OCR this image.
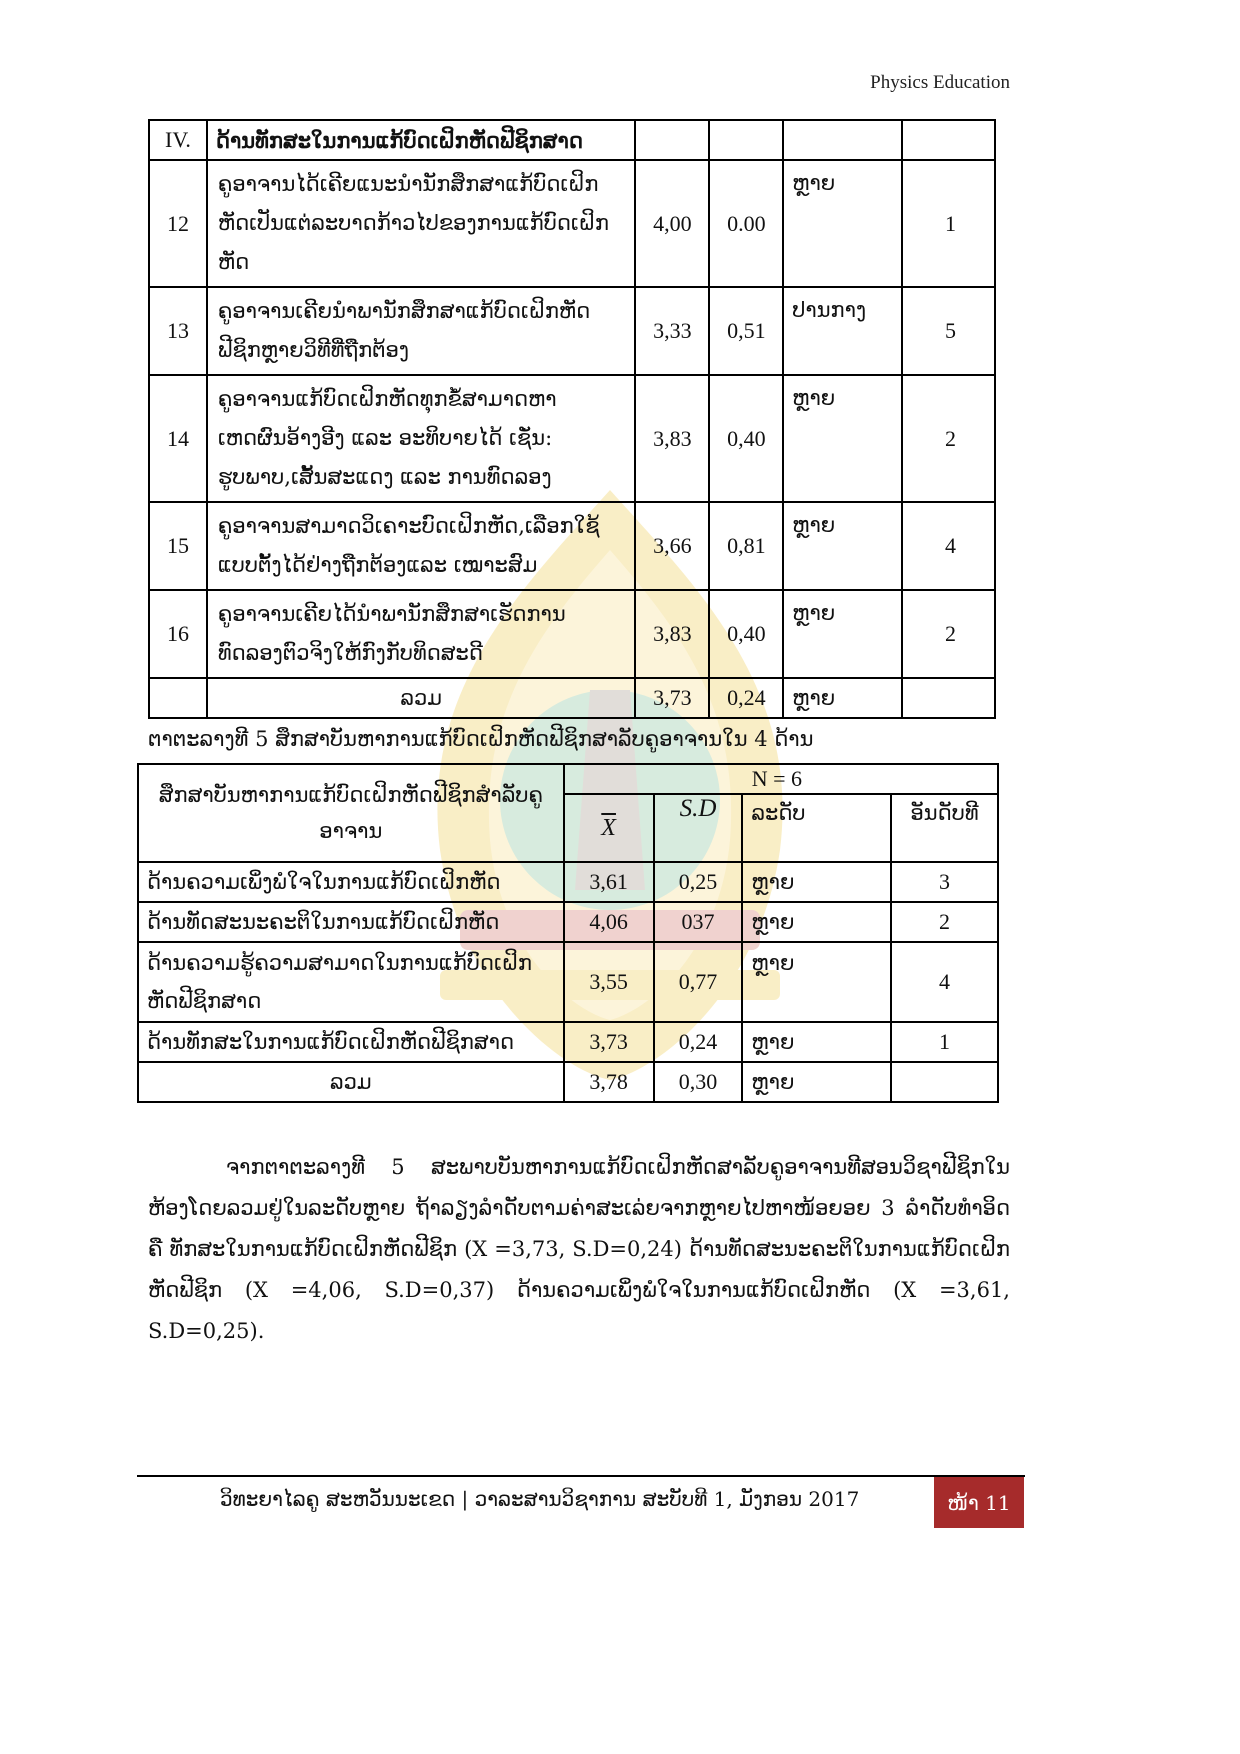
Physics Education
IV.	ດ້ານທັກສະໃນການແກ້ບົດເຝິກຫັດຟີຊິກສາດ				
12	ຄູອາຈານໄດ້ເຄີຍແນະນຳນັກສຶກສາແກ້ບົດເຝິກຫັດເປັນແຕ່ລະບາດກ້າວໄປຂອງການແກ້ບົດເຝິກຫັດ	4,00	0.00	ຫຼາຍ	1
13	ຄູອາຈານເຄີຍນຳພານັກສຶກສາແກ້ບົດເຝິກຫັດຟີຊິກຫຼາຍວິທີທີ່ຖືກຕ້ອງ	3,33	0,51	ປານກາງ	5
14	ຄູອາຈານແກ້ບົດເຝິກຫັດທຸກຂໍ້ສາມາດຫາເຫດຜົນອ້າງອີງ ແລະ ອະທິບາຍໄດ້ ເຊັ່ນ: ຮູບພາບ,ເສັ້ນສະແດງ ແລະ ການທົດລອງ	3,83	0,40	ຫຼາຍ	2
15	ຄູອາຈານສາມາດວິເຄາະບົດເຝິກຫັດ,ເລືອກໃຊ້ແບບຕັ້ງໄດ້ຢ່າງຖືກຕ້ອງແລະ ເໝາະສົມ	3,66	0,81	ຫຼາຍ	4
16	ຄູອາຈານເຄີຍໄດ້ນຳພານັກສຶກສາເຮັດການທົດລອງຕົວຈິງໃຫ້ກົງກັບທິດສະດີ	3,83	0,40	ຫຼາຍ	2
	ລວມ	3,73	0,24	ຫຼາຍ	
ຕາຕະລາງທີ 5 ສຶກສາບັນຫາການແກ້ບົດເຝິກຫັດຟີຊິກສາລັບຄູອາຈານໃນ 4 ດ້ານ
ສຶກສາບັນຫາການແກ້ບົດເຝິກຫັດຟີຊິກສຳລັບຄູອາຈານ	N = 6			
	$\overline{X}$	S.D	ລະດັບ	ອັນດັບທີ
ດ້ານຄວາມເພິ່ງພໍໃຈໃນການແກ້ບົດເຝິກຫັດ	3,61	0,25	ຫຼາຍ	3
ດ້ານທັດສະນະຄະຕິໃນການແກ້ບົດເຝິກຫັດ	4,06	037	ຫຼາຍ	2
ດ້ານຄວາມຮູ້ຄວາມສາມາດໃນການແກ້ບົດເຝິກຫັດຟີຊິກສາດ	3,55	0,77	ຫຼາຍ	4
ດ້ານທັກສະໃນການແກ້ບົດເຝິກຫັດຟີຊິກສາດ	3,73	0,24	ຫຼາຍ	1
ລວມ	3,78	0,30	ຫຼາຍ	

ຈາກຕາຕະລາງທີ 5 ສະພາບບັນຫາການແກ້ບົດເຝິກຫັດສາລັບຄູອາຈານທີສອນວິຊາຟີຊິກໃນຫ້ອງໂດຍລວມຢູ່ໃນລະດັບຫຼາຍ ຖ້າລຽງລຳດັບຕາມຄ່າສະເລ່ຍຈາກຫຼາຍໄປຫາໜ້ອຍອຍ 3 ລຳດັບທຳອິດຄື ທັກສະໃນການແກ້ບົດເຝິກຫັດຟີຊິກ (X =3,73, S.D=0,24) ດ້ານທັດສະນະຄະຕິໃນການແກ້ບົດເຝິກຫັດຟີຊິກ (X =4,06, S.D=0,37) ດ້ານຄວາມເພິ່ງພໍໃຈໃນການແກ້ບົດເຝິກຫັດ (X =3,61, S.D=0,25).

ວິທະຍາໄລຄູ ສະຫວັນນະເຂດ | ວາລະສານວິຊາການ ສະບັບທີ 1, ມັງກອນ 2017	ໜ້າ 11
